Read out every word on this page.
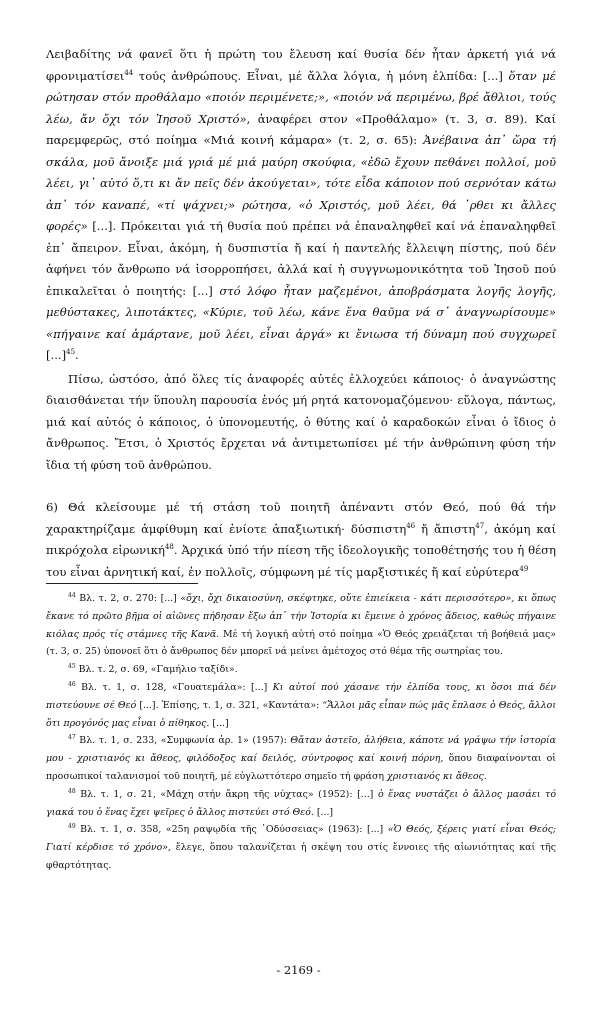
Λειβαδίτης νά φανεῖ ὅτι ἡ πρώτη του ἔλευση καί θυσία δέν ἦταν ἀρκετή γιά νά φρονιματίσει$^{44}$ τούς ἀνθρώπους. Εἶναι, μέ ἄλλα λόγια, ἡ μόνη ἐλπίδα: [...] ὅταν μέ ρώτησαν στόν προθάλαμο «ποιόν περιμένετε;», «ποιόν νά περιμένω, βρέ ἄθλιοι, τούς λέω, ἄν ὄχι τόν Ἰησοῦ Χριστό», ἀναφέρει στον «Προθάλαμο» (τ. 3, σ. 89). Καί παρεμφερῶς, στό ποίημα «Μιά κοινή κάμαρα» (τ. 2, σ. 65): Ἀνέβαινα ἀπ᾽ ὥρα τή σκάλα, μοῦ ἄνοιξε μιά γριά μέ μιά μαύρη σκούφια, «ἐδῶ ἔχουν πεθάνει πολλοί, μοῦ λέει, γι᾽ αὐτό ὅ,τι κι ἄν πεῖς δέν ἀκούγεται», τότε εἶδα κάποιον πού σερνόταν κάτω ἀπ᾽ τόν καναπέ, «τί ψάχνει;» ρώτησα, «ὁ Χριστός, μοῦ λέει, θά ᾽ρθει κι ἄλλες φορές» [...]. Πρόκειται γιά τή θυσία πού πρέπει νά ἐπαναληφθεῖ καί νά ἐπαναληφθεῖ ἐπ᾽ ἄπειρον. Εἶναι, ἀκόμη, ἡ δυσπιστία ἤ καί ἡ παντελής ἔλλειψη πίστης, πού δέν ἀφήνει τόν ἄνθρωπο νά ἰσορροπήσει, ἀλλά καί ἡ συγγνωμονικότητα τοῦ Ἰησοῦ πού ἐπικαλεῖται ὁ ποιητής: [...] στό λόφο ἦταν μαζεμένοι, ἀποβράσματα λογῆς λογῆς, μεθύστακες, λιποτάκτες, «Κύριε, τοῦ λέω, κάνε ἕνα θαῦμα νά σ᾽ ἀναγνωρίσουμε» «πήγαινε καί ἁμάρτανε, μοῦ λέει, εἶναι ἀργά» κι ἔνιωσα τή δύναμη πού συγχωρεῖ [...]$^{45}$.

Πίσω, ὡστόσο, ἀπό ὅλες τίς ἀναφορές αὐτές ἐλλοχεύει κάποιος· ὁ ἀναγνώστης διαισθάνεται τήν ὕπουλη παρουσία ἑνός μή ρητά κατονομαζόμενου· εὔλογα, πάντως, μιά καί αὐτός ὁ κάποιος, ὁ ὑπονομευτής, ὁ θύτης καί ὁ καραδοκών εἶναι ὁ ἴδιος ὁ ἄνθρωπος. Ἔτσι, ὁ Χριστός ἔρχεται νά ἀντιμετωπίσει μέ τήν ἀνθρώπινη φύση τήν ἴδια τή φύση τοῦ ἀνθρώπου.

6) Θά κλείσουμε μέ τή στάση τοῦ ποιητῆ ἀπέναντι στόν Θεό, πού θά τήν χαρακτηρίζαμε ἀμφίθυμη καί ἐνίοτε ἀπαξιωτική· δύσπιστη$^{46}$ ἤ ἄπιστη$^{47}$, ἀκόμη καί πικρόχολα εἰρωνική$^{48}$. Ἀρχικά ὑπό τήν πίεση τῆς ἰδεολογικῆς τοποθέτησής του ἡ θέση του εἶναι ἀρνητική καί, ἐν πολλοῖς, σύμφωνη μέ τίς μαρξιστικές ἤ καί εὐρύτερα$^{49}$

$^{44}$ Βλ. τ. 2, σ. 270: [...] «ὄχι, ὄχι δικαιοσύνη, σκέφτηκε, οὔτε ἐπιείκεια - κάτι περισσότερο», κι ὅπως ἔκανε τό πρῶτο βῆμα οἱ αἰῶνες πήδησαν ἔξω ἀπ᾽ τήν Ἱστορία κι ἔμεινε ὁ χρόνος ἄδειος, καθώς πήγαινε κιόλας πρός τίς στάμνες τῆς Κανᾶ. Μέ τή λογική αὐτή στό ποίημα «Ὁ Θεός χρειάζεται τή βοήθειά μας» (τ. 3, σ. 25) ὑπονοεῖ ὅτι ὁ ἄνθρωπος δέν μπορεῖ νά μείνει ἀμέτοχος στό θέμα τῆς σωτηρίας του.

$^{45}$ Βλ. τ. 2, σ. 69, «Γαμήλιο ταξίδι».

$^{46}$ Βλ. τ. 1, σ. 128, «Γουατεμάλα»: [...] Κι αὐτοί πού χάσανε τήν ἐλπίδα τους, κι ὅσοι πιά δέν πιστεύουνε σέ Θεό [...]. Ἐπίσης, τ. 1, σ. 321, «Καντάτα»: “Ἄλλοι μᾶς εἶπαν πώς μᾶς ἔπλασε ὁ Θεός, ἄλλοι ὅτι προγόνός μας εἶναι ὁ πίθηκος. [...]

$^{47}$ Βλ. τ. 1, σ. 233, «Συμφωνία ἀρ. 1» (1957): Θἄταν ἀστεῖο, ἀλήθεια, κάποτε νά γράψω τήν ἱστορία μου - χριστιανός κι ἄθεος, φιλόδοξος καί δειλός, σύντροφος καί κοινή πόρνη, ὅπου διαφαίνονται οἱ προσωπικοί ταλανισμοί τοῦ ποιητῆ, μέ εὐγλωττότερο σημεῖο τή φράση χριστιανός κι ἄθεος.

$^{48}$ Βλ. τ. 1, σ. 21, «Μάχη στήν ἄκρη τῆς νύχτας» (1952): [...] ὁ ἕνας νυστάζει ὁ ἄλλος μασάει τό γιακά του ὁ ἕνας ἔχει ψεῖρες ὁ ἄλλος πιστεύει στό Θεό. [...]

$^{49}$ Βλ. τ. 1, σ. 358, «25η ραψῳδία τῆς ᾿Οδύσσειας» (1963): [...] «Ὁ Θεός, ξέρεις γιατί εἶναι Θεός; Γιατί κέρδισε τό χρόνο», ἔλεγε, ὅπου ταλανίζεται ἡ σκέψη του στίς ἔννοιες τῆς αἰωνιότητας καί τῆς φθαρτότητας.

- 2169 -
